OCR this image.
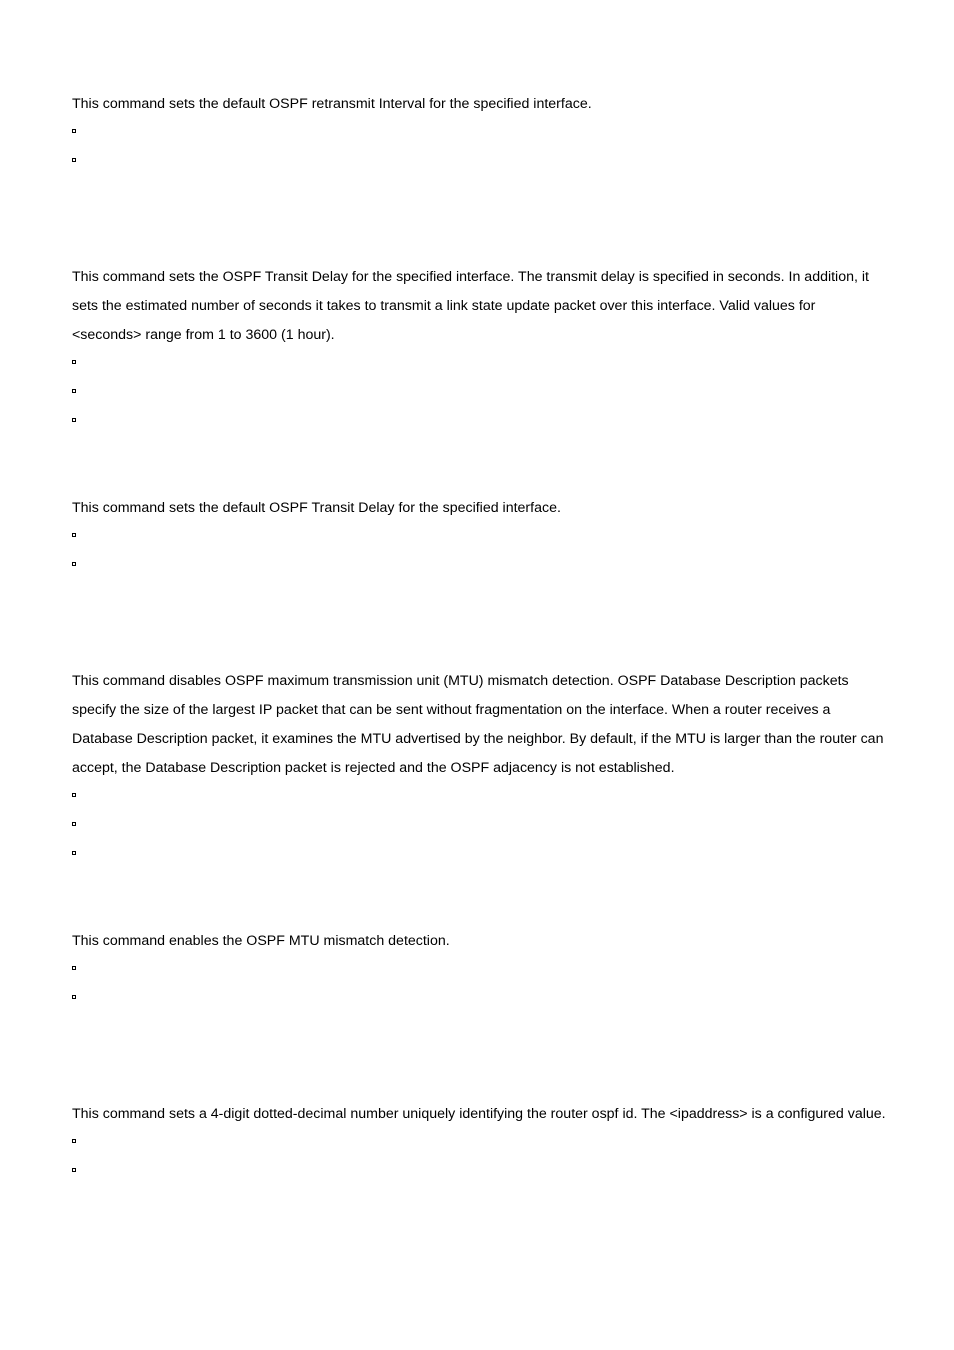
This command sets the default OSPF retransmit Interval for the specified interface.

This command sets the OSPF Transit Delay for the specified interface. The transmit delay is specified in seconds. In addition, it sets the estimated number of seconds it takes to transmit a link state update packet over this interface. Valid values for <seconds> range from 1 to 3600 (1 hour).

This command sets the default OSPF Transit Delay for the specified interface.

This command disables OSPF maximum transmission unit (MTU) mismatch detection. OSPF Database Description packets specify the size of the largest IP packet that can be sent without fragmentation on the interface. When a router receives a Database Description packet, it examines the MTU advertised by the neighbor. By default, if the MTU is larger than the router can accept, the Database Description packet is rejected and the OSPF adjacency is not established.

This command enables the OSPF MTU mismatch detection.

This command sets a 4-digit dotted-decimal number uniquely identifying the router ospf id. The <ipaddress> is a configured value.
